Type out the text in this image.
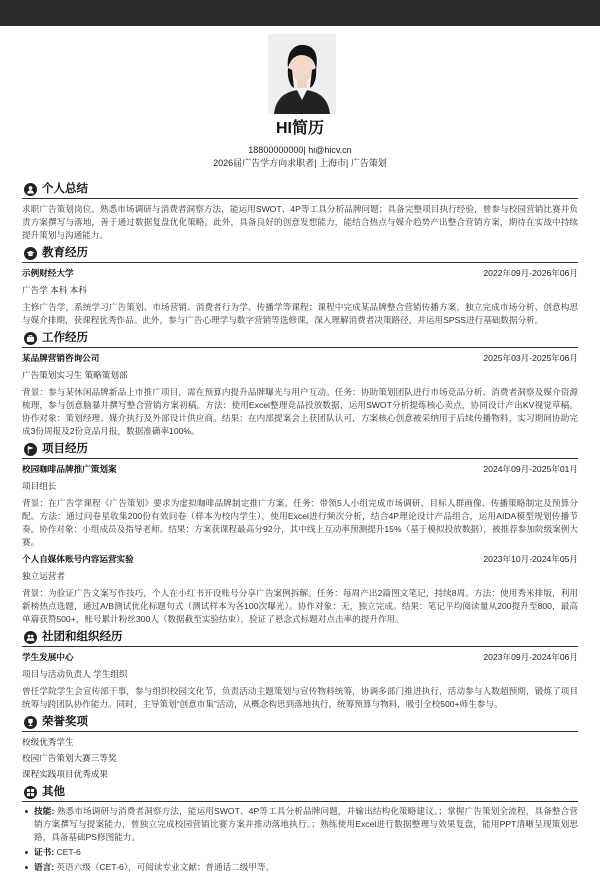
HI简历
18800000000| hi@hicv.cn
2026届广告学方向求职者| 上海市| 广告策划
个人总结
求职广告策划岗位。熟悉市场调研与消费者洞察方法，能运用SWOT、4P等工具分析品牌问题；具备完整项目执行经验，曾参与校园营销比赛并负责方案撰写与落地，善于通过数据复盘优化策略。此外，具备良好的创意发想能力，能结合热点与媒介趋势产出整合营销方案，期待在实战中持续提升策划与沟通能力。
教育经历
示例财经大学	2022年09月-2026年06月
广告学 本科 本科
主修广告学，系统学习广告策划、市场营销、消费者行为学、传播学等课程；课程中完成某品牌整合营销传播方案，独立完成市场分析、创意构思与媒介排期，获课程优秀作品。此外，参与广告心理学与数字营销等选修课，深入理解消费者决策路径，并运用SPSS进行基础数据分析。
工作经历
某品牌营销咨询公司	2025年03月-2025年06月
广告策划实习生 策略策划部
背景：参与某休闲品牌新品上市推广项目，需在预算内提升品牌曝光与用户互动。任务：协助策划团队进行市场竞品分析、消费者洞察及媒介资源梳理，参与创意脑暴并撰写整合营销方案初稿。方法：使用Excel整理竞品投放数据，运用SWOT分析提炼核心卖点，协同设计产出KV视觉草稿。协作对象：策划经理、媒介执行及外部设计供应商。结果：在内部提案会上获团队认可，方案核心创意被采纳用于后续传播物料，实习期间协助完成3份周报及2份竞品月报，数据准确率100%。
项目经历
校园咖啡品牌推广策划案	2024年09月-2025年01月
项目组长
背景：在广告学课程《广告策划》要求为虚拟咖啡品牌制定推广方案。任务：带领5人小组完成市场调研、目标人群画像、传播策略制定及预算分配。方法：通过问卷星收集200份有效问卷（样本为校内学生），使用Excel进行频次分析，结合4P理论设计产品组合，运用AIDA模型规划传播节奏。协作对象：小组成员及指导老师。结果：方案获课程最高分92分，其中线上互动率预测提升15%（基于模拟投放数据），被推荐参加院级案例大赛。
个人自媒体账号内容运营实验	2023年10月-2024年05月
独立运营者
背景：为验证广告文案写作技巧，个人在小红书开设账号分享广告案例拆解。任务：每周产出2篇图文笔记，持续8周。方法：使用秀米排版，利用新榜热点选题，通过A/B测试优化标题句式（测试样本为各100次曝光）。协作对象：无，独立完成。结果：笔记平均阅读量从200提升至800，最高单篇获赞500+，账号累计粉丝300人（数据截至实验结束），验证了悬念式标题对点击率的提升作用。
社团和组织经历
学生发展中心	2023年09月-2024年06月
项目与活动负责人 学生组织
曾任学院学生会宣传部干事，参与组织校园文化节，负责活动主题策划与宣传物料统筹，协调多部门推进执行，活动参与人数超预期，锻炼了项目统筹与跨团队协作能力。同时，主导策划“创意市集”活动，从概念构思到落地执行，统筹预算与物料，吸引全校500+师生参与。
荣誉奖项
校级优秀学生
校园广告策划大赛三等奖
课程实践项目优秀成果
其他
技能: 熟悉市场调研与消费者洞察方法，能运用SWOT、4P等工具分析品牌问题，并输出结构化策略建议。；掌握广告策划全流程，具备整合营销方案撰写与提案能力，曾独立完成校园营销比赛方案并推动落地执行。；熟练使用Excel进行数据整理与效果复盘，能用PPT清晰呈现策划思路，具备基础PS修图能力。
证书: CET-6
语言: 英语六级（CET-6），可阅读专业文献；普通话二级甲等。
